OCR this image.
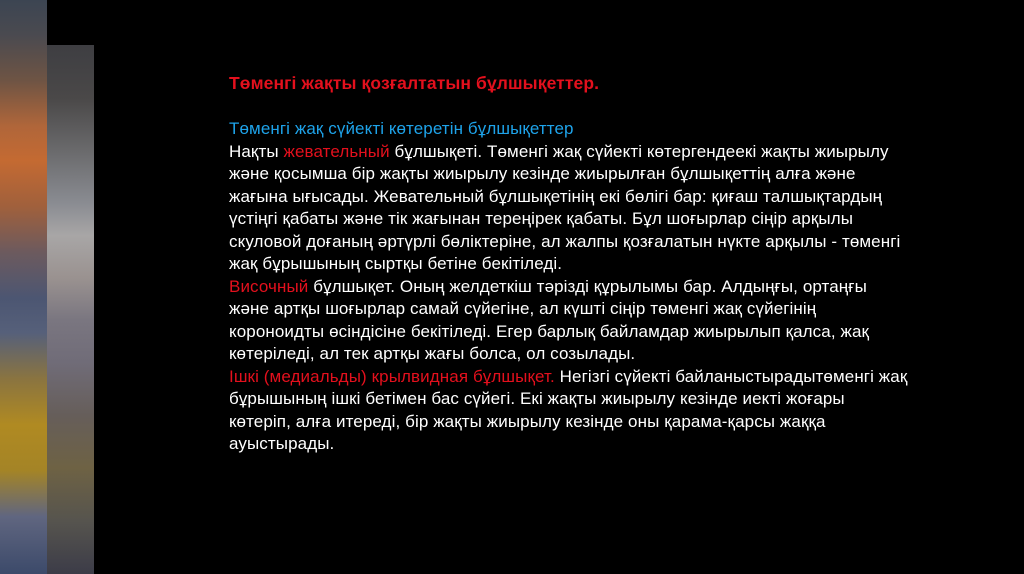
Төменгі жақты қозғалтатын бұлшықеттер.
Төменгі жақ сүйекті көтеретін бұлшықеттер

Нақты жевательный бұлшықеті. Төменгі жақ сүйекті көтергендеекі жақты жиырылу және қосымша бір жақты жиырылу кезінде жиырылған бұлшықеттің алға және жағына ығысады. Жевательный бұлшықетінің екі бөлігі бар: қиғаш талшықтардың үстіңгі қабаты және тік жағынан тереңірек қабаты. Бұл шоғырлар сіңір арқылы скуловой доғаның әртүрлі бөліктеріне, ал жалпы қозғалатын нүкте арқылы - төменгі жақ бұрышының сыртқы бетіне бекітіледі.

Височный бұлшықет. Оның желдеткіш тәрізді құрылымы бар. Алдыңғы, ортаңғы және артқы шоғырлар самай сүйегіне, ал күшті сіңір төменгі жақ сүйегінің короноидты өсіндісіне бекітіледі. Егер барлық байламдар жиырылып қалса, жақ көтеріледі, ал тек артқы жағы болса, ол созылады.

Ішкі (медиальды) крылвидная бұлшықет. Негізгі сүйекті байланыстырадытөменгі жақ бұрышының ішкі бетімен бас сүйегі. Екі жақты жиырылу кезінде иекті жоғары көтеріп, алға итереді, бір жақты жиырылу кезінде оны қарама-қарсы жаққа ауыстырады.
